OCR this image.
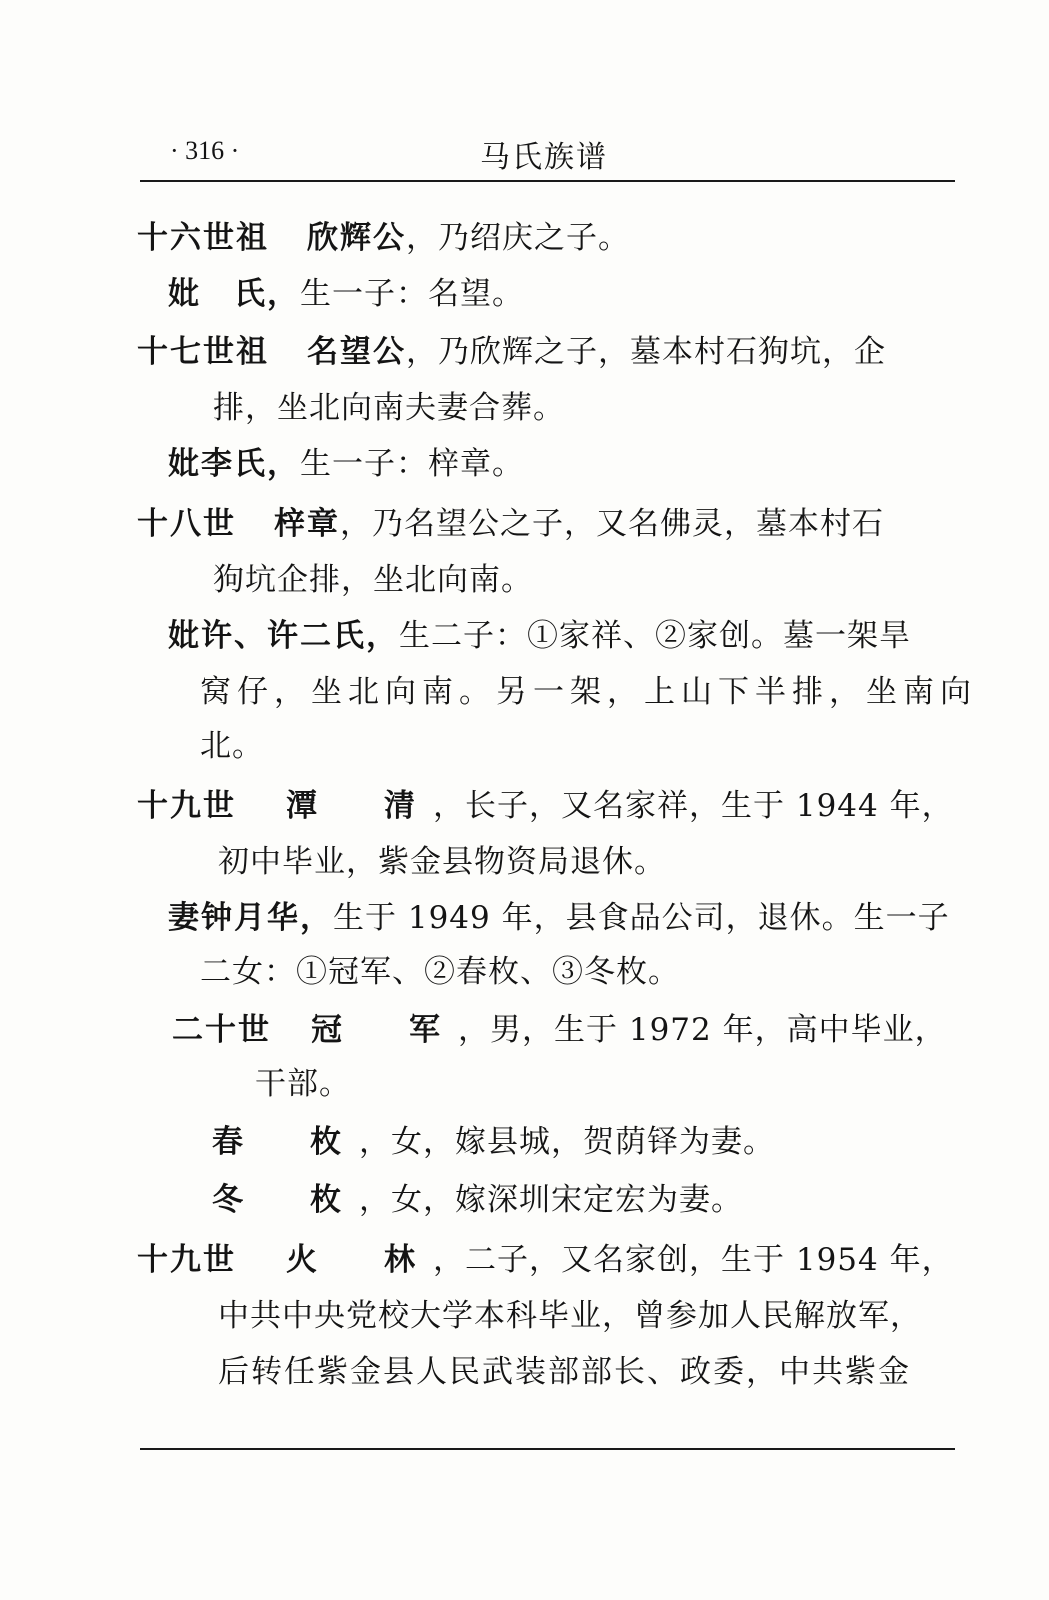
· 316 ·	马氏族谱
十六世祖 欣辉公，乃绍庆之子。
妣　氏，生一子：名望。
十七世祖 名望公，乃欣辉之子，墓本村石狗坑，企
排，坐北向南夫妻合葬。
妣李氏，生一子：梓章。
十八世 梓章，乃名望公之子，又名佛灵，墓本村石
狗坑企排，坐北向南。
妣许、许二氏，生二子：①家祥、②家创。墓一架旱
窝仔，坐北向南。另一架，上山下半排，坐南向
北。
十九世 潭　清，长子，又名家祥，生于 1944 年，
初中毕业，紫金县物资局退休。
妻钟月华，生于 1949 年，县食品公司，退休。生一子
二女：①冠军、②春枚、③冬枚。
二十世 冠　军，男，生于 1972 年，高中毕业，
干部。
春　枚，女，嫁县城，贺荫铎为妻。
冬　枚，女，嫁深圳宋定宏为妻。
十九世 火　林，二子，又名家创，生于 1954 年，
中共中央党校大学本科毕业，曾参加人民解放军，
后转任紫金县人民武装部部长、政委，中共紫金
